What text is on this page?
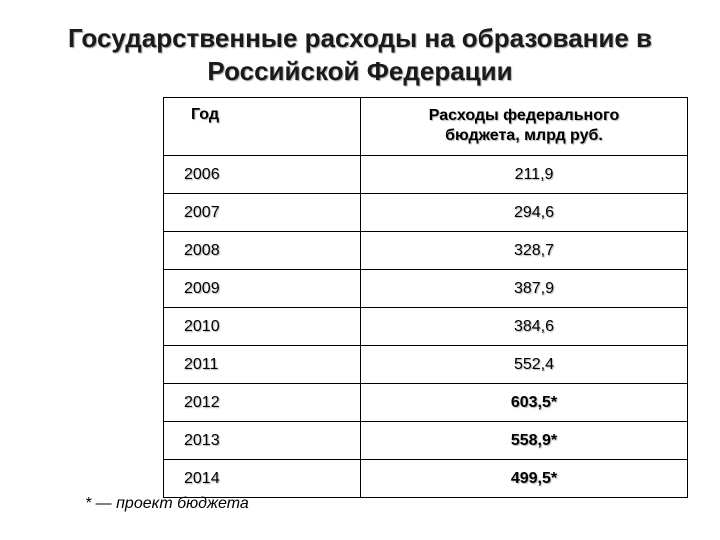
Государственные расходы на образование в
Российской Федерации
Год	Расходы федерального
бюджета, млрд руб.

2006	211,9
2007	294,6
2008	328,7
2009	387,9
2010	384,6
2011	552,4
2012	603,5*
2013	558,9*
2014	499,5*
* — проект бюджета
